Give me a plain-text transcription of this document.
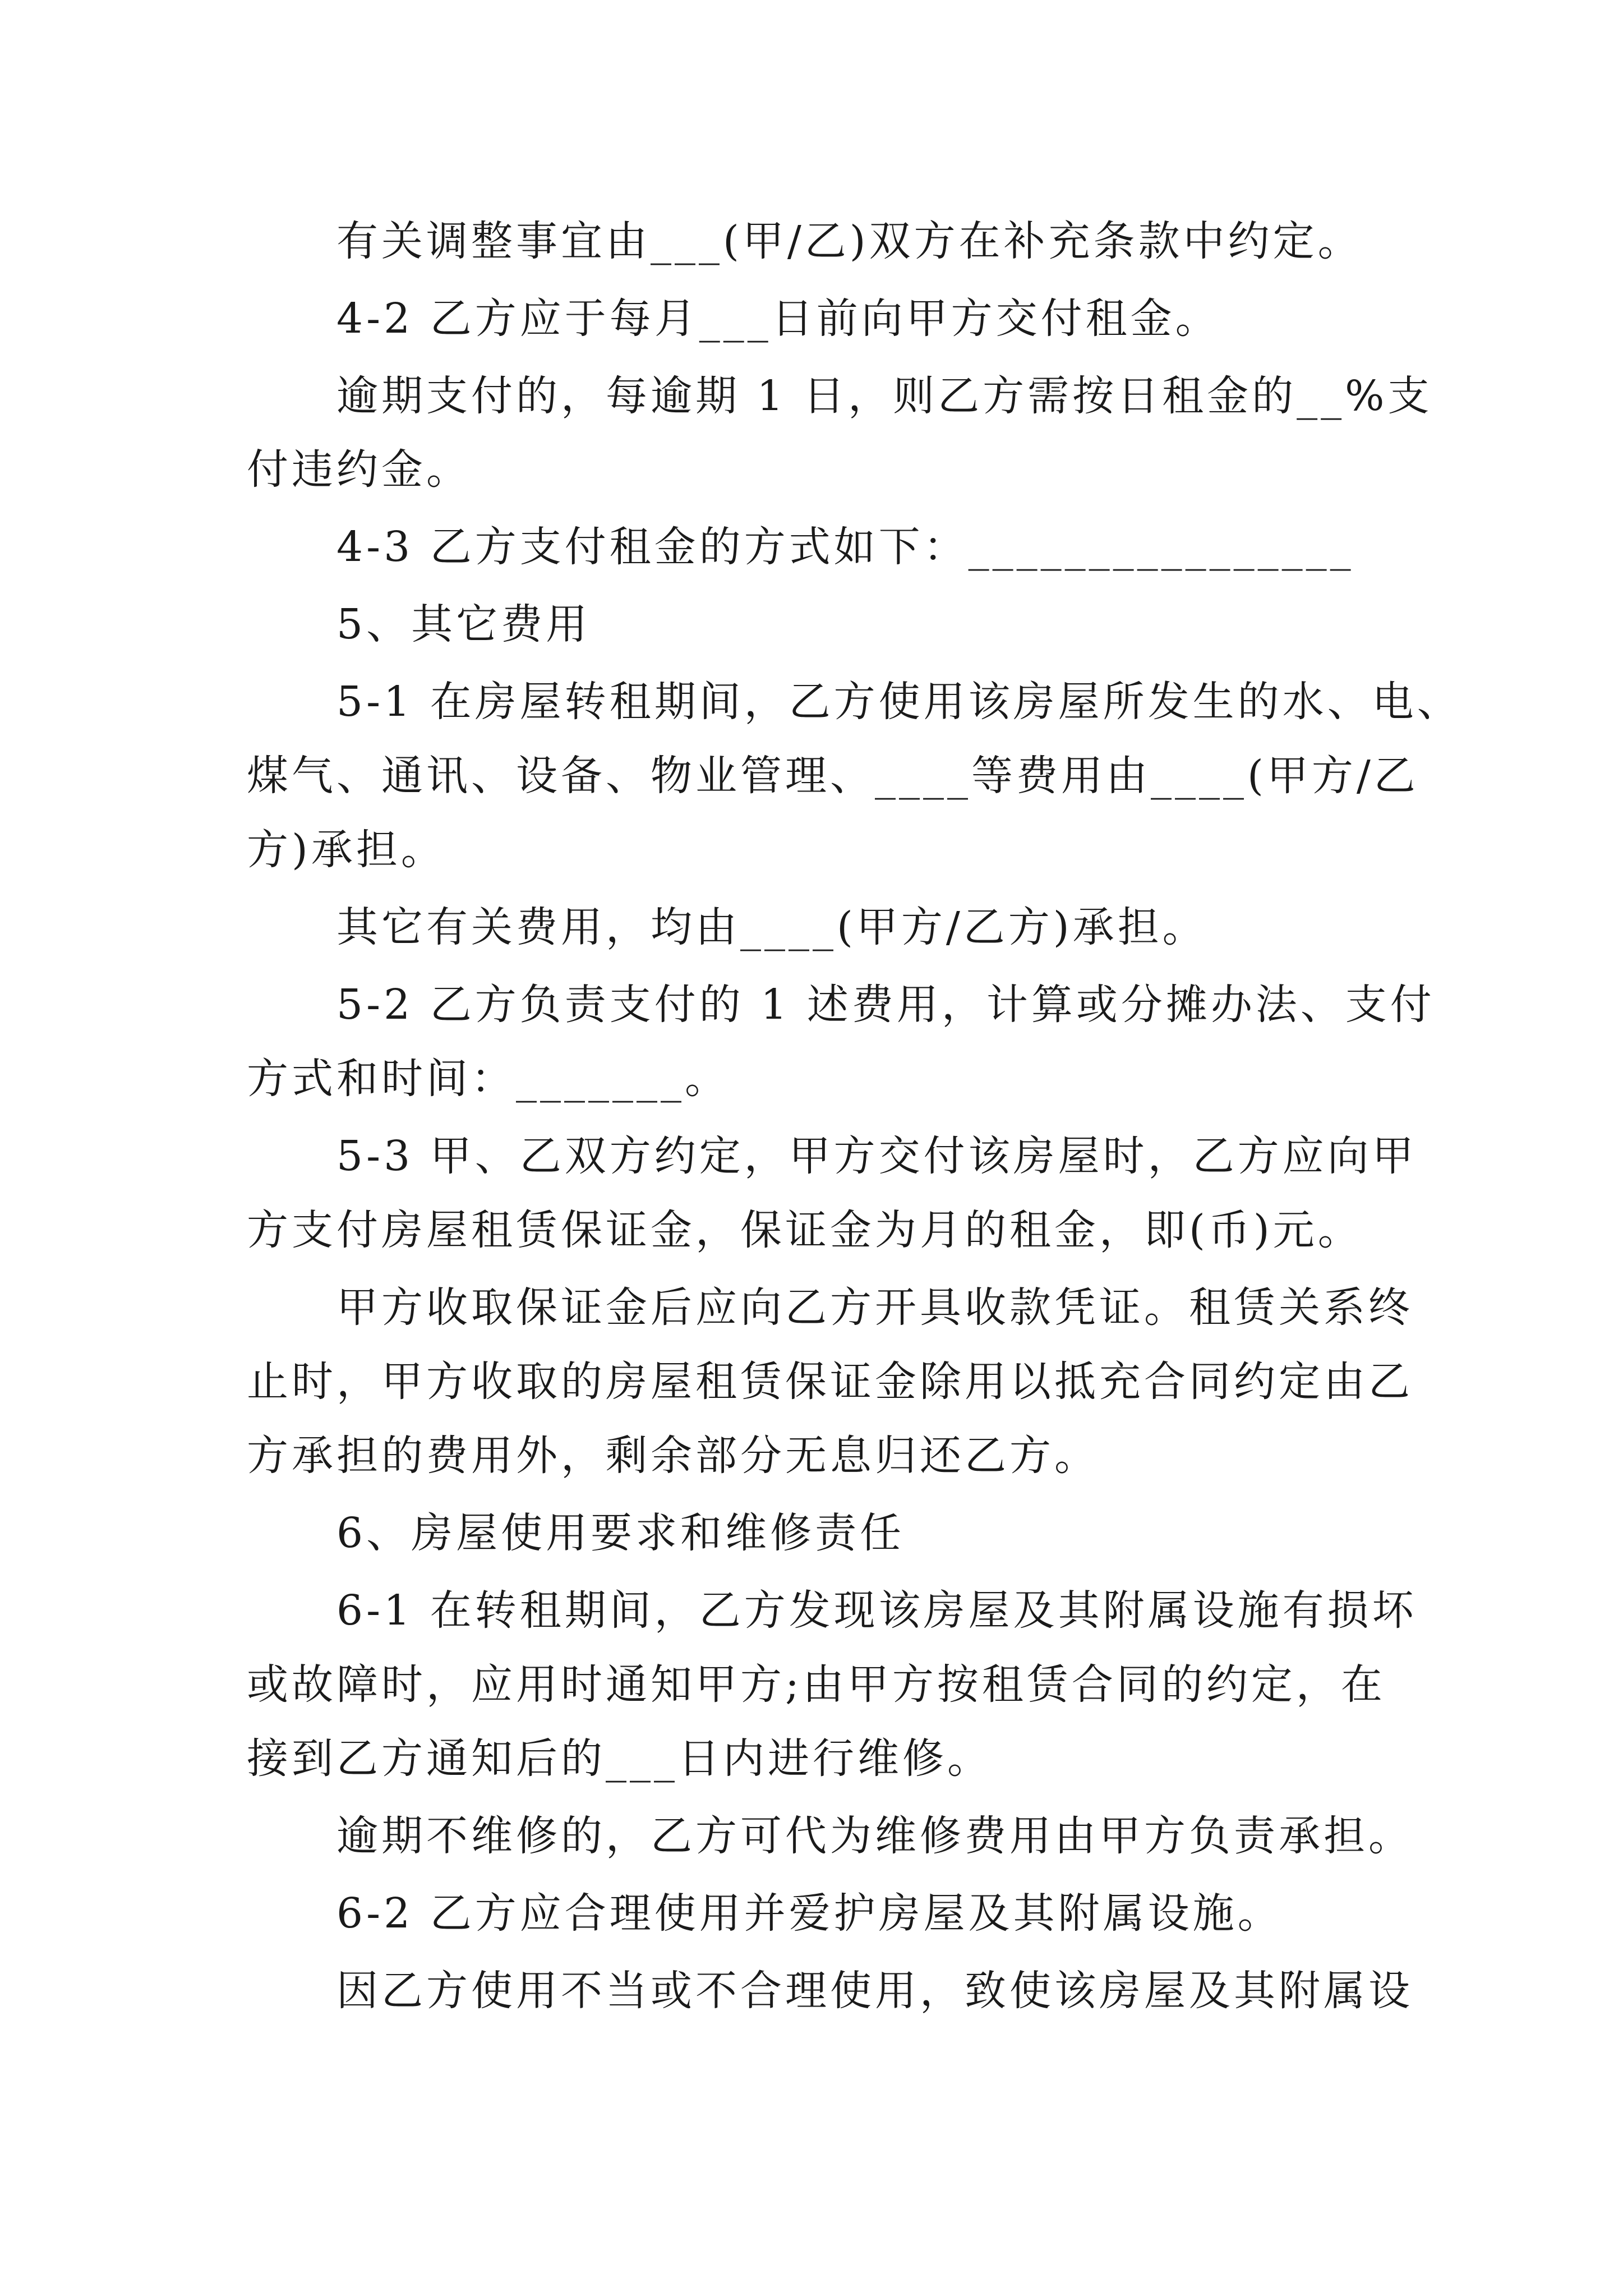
有关调整事宜由___(甲/乙)双方在补充条款中约定。
4-2 乙方应于每月___日前向甲方交付租金。
逾期支付的，每逾期 1 日，则乙方需按日租金的__%支
付违约金。
4-3 乙方支付租金的方式如下：________________
5、其它费用
5-1 在房屋转租期间，乙方使用该房屋所发生的水、电、
煤气、通讯、设备、物业管理、____等费用由____(甲方/乙
方)承担。
其它有关费用，均由____(甲方/乙方)承担。
5-2 乙方负责支付的 1 述费用，计算或分摊办法、支付
方式和时间：_______。
5-3 甲、乙双方约定，甲方交付该房屋时，乙方应向甲
方支付房屋租赁保证金，保证金为月的租金，即(币)元。
甲方收取保证金后应向乙方开具收款凭证。租赁关系终
止时，甲方收取的房屋租赁保证金除用以抵充合同约定由乙
方承担的费用外，剩余部分无息归还乙方。
6、房屋使用要求和维修责任
6-1 在转租期间，乙方发现该房屋及其附属设施有损坏
或故障时，应用时通知甲方;由甲方按租赁合同的约定，在
接到乙方通知后的___日内进行维修。
逾期不维修的，乙方可代为维修费用由甲方负责承担。
6-2 乙方应合理使用并爱护房屋及其附属设施。
因乙方使用不当或不合理使用，致使该房屋及其附属设
